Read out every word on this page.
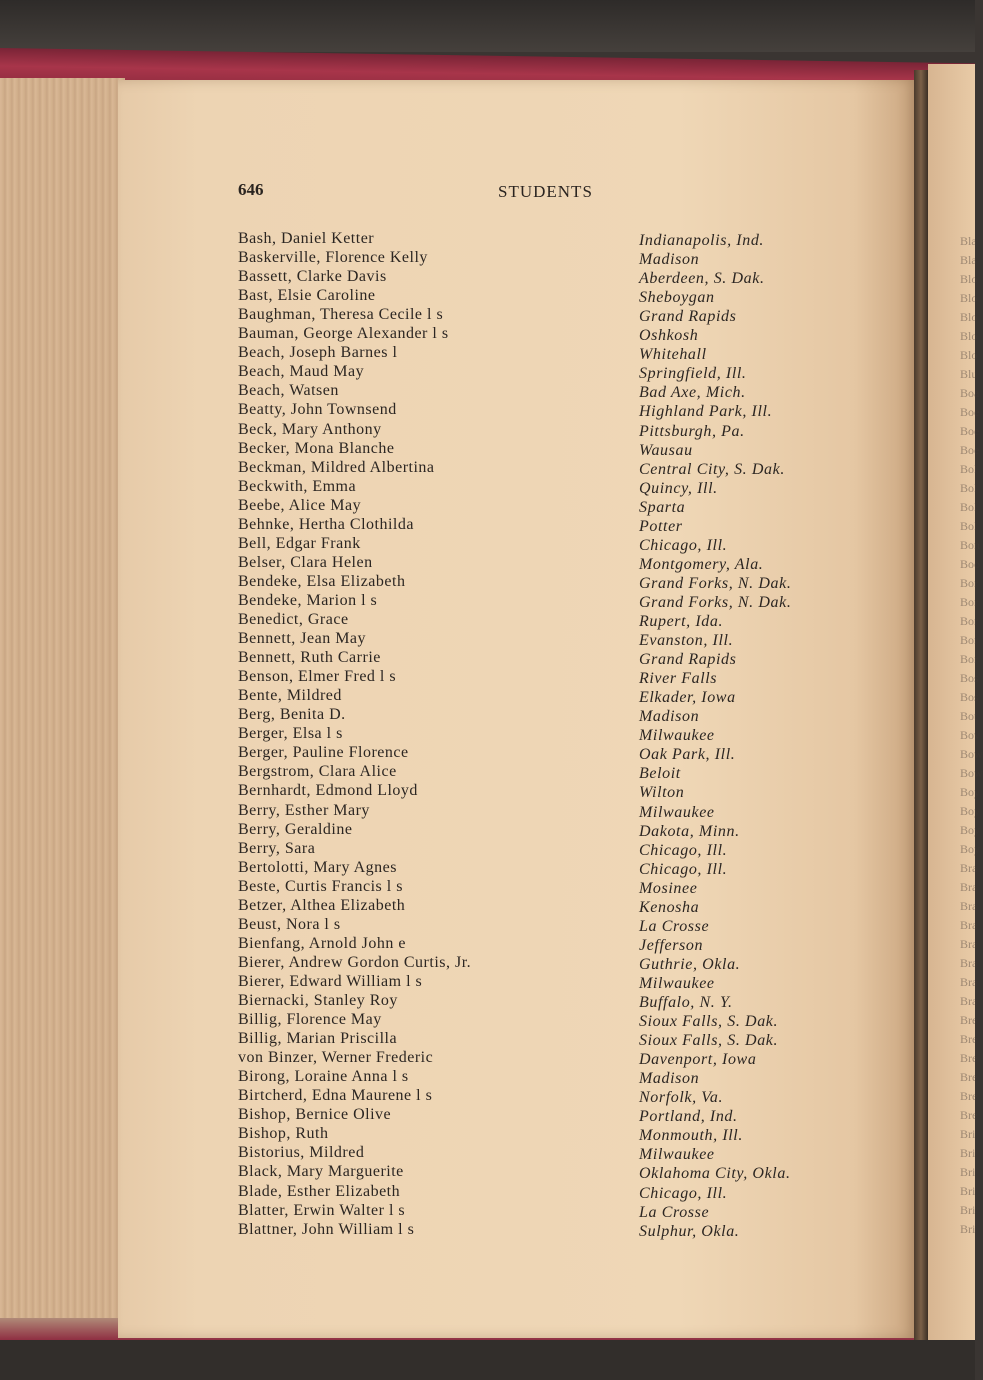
Bla
Bla
Blo
Blo
Blo
Blo
Blo
Blu
Boa
Boe
Boe
Boe
Bol
Bol
Bol
Bol
Bon
Boo
Bor
Bor
Bor
Bor
Bor
Bos
Bos
Bot
Bov
Bow
Bow
Boy
Boy
Boy
Boy
Bra
Bra
Bra
Bra
Bra
Bra
Bra
Bra
Bre
Bre
Bre
Bre
Bre
Bre
Bri
Bri
Bri
Bri
Bri
Bri
646	STUDENTS
Bash, Daniel Ketter	Indianapolis, Ind.
Baskerville, Florence Kelly	Madison
Bassett, Clarke Davis	Aberdeen, S. Dak.
Bast, Elsie Caroline	Sheboygan
Baughman, Theresa Cecile l s	Grand Rapids
Bauman, George Alexander l s	Oshkosh
Beach, Joseph Barnes l	Whitehall
Beach, Maud May	Springfield, Ill.
Beach, Watsen	Bad Axe, Mich.
Beatty, John Townsend	Highland Park, Ill.
Beck, Mary Anthony	Pittsburgh, Pa.
Becker, Mona Blanche	Wausau
Beckman, Mildred Albertina	Central City, S. Dak.
Beckwith, Emma	Quincy, Ill.
Beebe, Alice May	Sparta
Behnke, Hertha Clothilda	Potter
Bell, Edgar Frank	Chicago, Ill.
Belser, Clara Helen	Montgomery, Ala.
Bendeke, Elsa Elizabeth	Grand Forks, N. Dak.
Bendeke, Marion l s	Grand Forks, N. Dak.
Benedict, Grace	Rupert, Ida.
Bennett, Jean May	Evanston, Ill.
Bennett, Ruth Carrie	Grand Rapids
Benson, Elmer Fred l s	River Falls
Bente, Mildred	Elkader, Iowa
Berg, Benita D.	Madison
Berger, Elsa l s	Milwaukee
Berger, Pauline Florence	Oak Park, Ill.
Bergstrom, Clara Alice	Beloit
Bernhardt, Edmond Lloyd	Wilton
Berry, Esther Mary	Milwaukee
Berry, Geraldine	Dakota, Minn.
Berry, Sara	Chicago, Ill.
Bertolotti, Mary Agnes	Chicago, Ill.
Beste, Curtis Francis l s	Mosinee
Betzer, Althea Elizabeth	Kenosha
Beust, Nora l s	La Crosse
Bienfang, Arnold John e	Jefferson
Bierer, Andrew Gordon Curtis, Jr.	Guthrie, Okla.
Bierer, Edward William l s	Milwaukee
Biernacki, Stanley Roy	Buffalo, N. Y.
Billig, Florence May	Sioux Falls, S. Dak.
Billig, Marian Priscilla	Sioux Falls, S. Dak.
von Binzer, Werner Frederic	Davenport, Iowa
Birong, Loraine Anna l s	Madison
Birtcherd, Edna Maurene l s	Norfolk, Va.
Bishop, Bernice Olive	Portland, Ind.
Bishop, Ruth	Monmouth, Ill.
Bistorius, Mildred	Milwaukee
Black, Mary Marguerite	Oklahoma City, Okla.
Blade, Esther Elizabeth	Chicago, Ill.
Blatter, Erwin Walter l s	La Crosse
Blattner, John William l s	Sulphur, Okla.
